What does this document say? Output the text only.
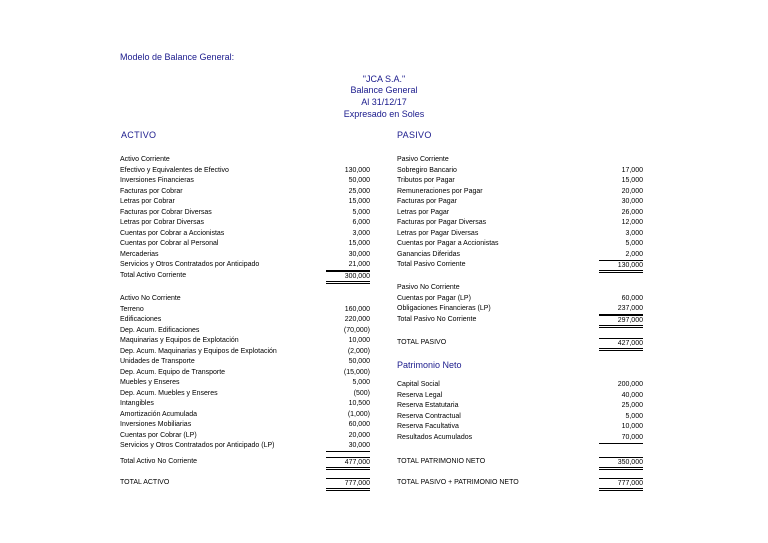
Modelo de Balance General:
"JCA S.A."
Balance General
Al 31/12/17
Expresado en Soles
ACTIVO	PASIVO
Activo Corriente
Efectivo y Equivalentes de Efectivo	130,000
Inversiones Financieras	50,000
Facturas por Cobrar	25,000
Letras por Cobrar	15,000
Facturas por Cobrar Diversas	5,000
Letras por Cobrar Diversas	6,000
Cuentas por Cobrar a Accionistas	3,000
Cuentas por Cobrar al Personal	15,000
Mercaderias	30,000
Servicios y Otros Contratados por Anticipado	21,000
Total Activo Corriente	300,000
Activo No Corriente
Terreno	160,000
Edificaciones	220,000
Dep. Acum. Edificaciones	(70,000)
Maquinarias y Equipos de Explotación	10,000
Dep. Acum. Maquinarias y Equipos de Explotación	(2,000)
Unidades de Transporte	50,000
Dep. Acum. Equipo de Transporte	(15,000)
Muebles y Enseres	5,000
Dep. Acum. Muebles y Enseres	(500)
Intangibles	10,500
Amortización Acumulada	(1,000)
Inversiones Mobiliarias	60,000
Cuentas por Cobrar (LP)	20,000
Servicios y Otros Contratados por Anticipado (LP)	30,000
Total Activo No Corriente	477,000
TOTAL ACTIVO	777,000
Pasivo Corriente
Sobregiro Bancario	17,000
Tributos por Pagar	15,000
Remuneraciones por Pagar	20,000
Facturas por Pagar	30,000
Letras por Pagar	26,000
Facturas por Pagar Diversas	12,000
Letras por Pagar Diversas	3,000
Cuentas por Pagar a Accionistas	5,000
Ganancias Diferidas	2,000
Total Pasivo Corriente	130,000
Pasivo No Corriente
Cuentas por Pagar (LP)	60,000
Obligaciones Financieras (LP)	237,000
Total Pasivo No Corriente	297,000
TOTAL PASIVO	427,000
Patrimonio Neto
Capital Social	200,000
Reserva Legal	40,000
Reserva Estatutaria	25,000
Reserva Contractual	5,000
Reserva Facultativa	10,000
Resultados Acumulados	70,000
TOTAL PATRIMONIO NETO	350,000
TOTAL PASIVO + PATRIMONIO NETO	777,000
